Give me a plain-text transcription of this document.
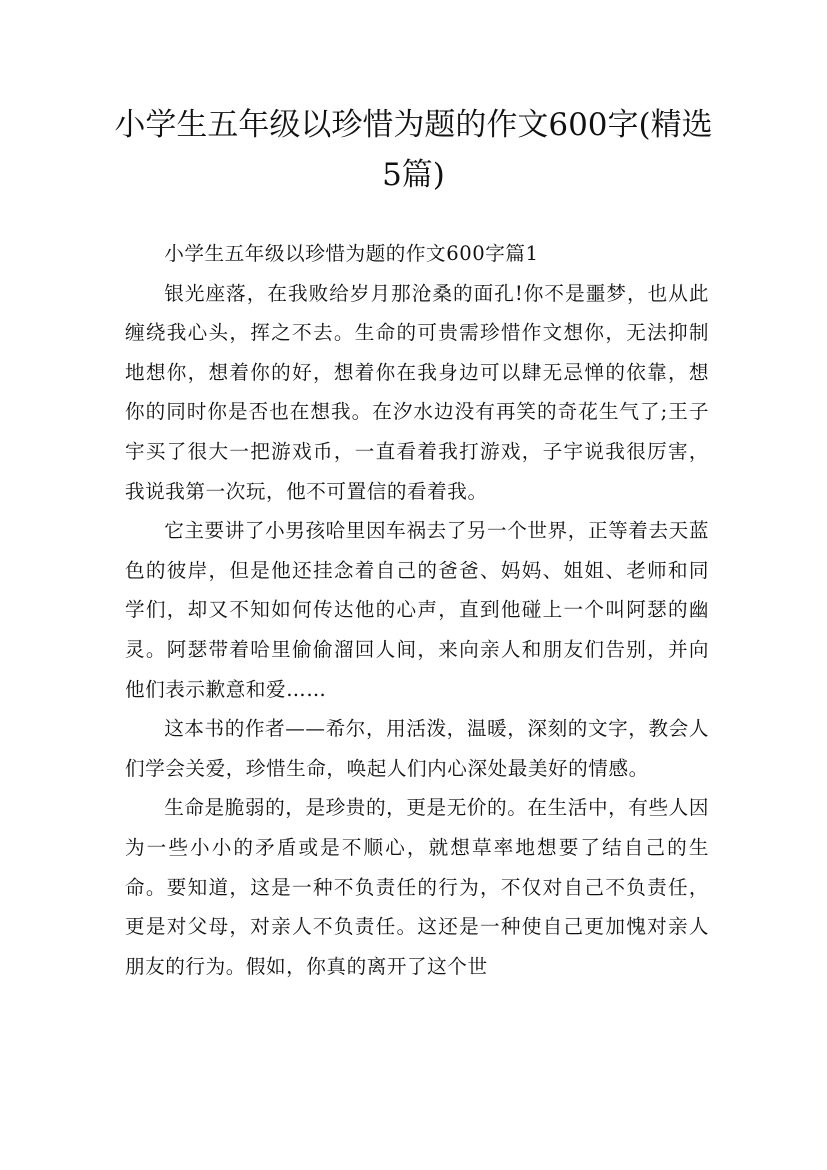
小学生五年级以珍惜为题的作文600字(精选5篇)

小学生五年级以珍惜为题的作文600字篇1

银光座落，在我败给岁月那沧桑的面孔!你不是噩梦，也从此缠绕我心头，挥之不去。生命的可贵需珍惜作文想你，无法抑制地想你，想着你的好，想着你在我身边可以肆无忌惮的依靠，想你的同时你是否也在想我。在汐水边没有再笑的奇花生气了;王子宇买了很大一把游戏币，一直看着我打游戏，子宇说我很厉害，我说我第一次玩，他不可置信的看着我。

它主要讲了小男孩哈里因车祸去了另一个世界，正等着去天蓝色的彼岸，但是他还挂念着自己的爸爸、妈妈、姐姐、老师和同学们，却又不知如何传达他的心声，直到他碰上一个叫阿瑟的幽灵。阿瑟带着哈里偷偷溜回人间，来向亲人和朋友们告别，并向他们表示歉意和爱……

这本书的作者——希尔，用活泼，温暖，深刻的文字，教会人们学会关爱，珍惜生命，唤起人们内心深处最美好的情感。

生命是脆弱的，是珍贵的，更是无价的。在生活中，有些人因为一些小小的矛盾或是不顺心，就想草率地想要了结自己的生命。要知道，这是一种不负责任的行为，不仅对自己不负责任，更是对父母，对亲人不负责任。这还是一种使自己更加愧对亲人朋友的行为。假如，你真的离开了这个世
